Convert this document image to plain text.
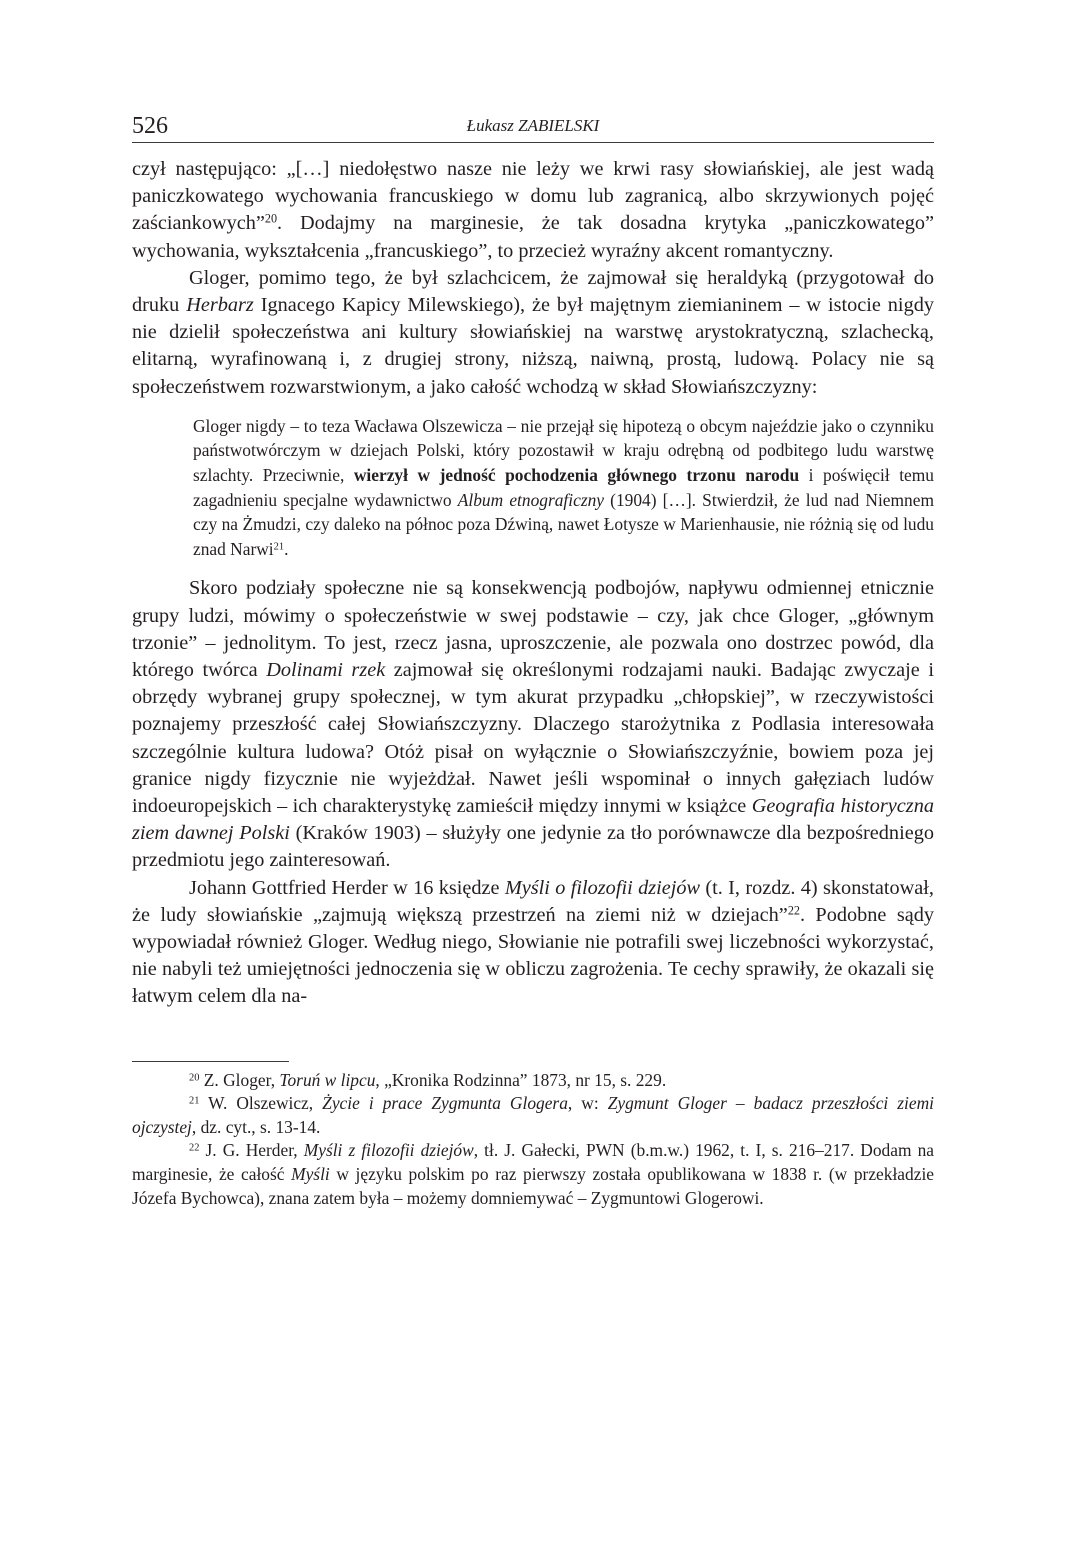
526	Łukasz ZABIELSKI

czył następująco: „[…] niedołęstwo nasze nie leży we krwi rasy słowiańskiej, ale jest wadą paniczkowatego wychowania francuskiego w domu lub zagranicą, albo skrzywionych pojęć zaściankowych”$^{20}$. Dodajmy na marginesie, że tak dosadna krytyka „paniczkowatego” wychowania, wykształcenia „francuskiego”, to przecież wyraźny akcent romantyczny.

Gloger, pomimo tego, że był szlachcicem, że zajmował się heraldyką (przygotował do druku Herbarz Ignacego Kapicy Milewskiego), że był majętnym ziemianinem – w istocie nigdy nie dzielił społeczeństwa ani kultury słowiańskiej na warstwę arystokratyczną, szlachecką, elitarną, wyrafinowaną i, z drugiej strony, niższą, naiwną, prostą, ludową. Polacy nie są społeczeństwem rozwarstwionym, a jako całość wchodzą w skład Słowiańszczyzny:

Gloger nigdy – to teza Wacława Olszewicza – nie przejął się hipotezą o obcym najeździe jako o czynniku państwotwórczym w dziejach Polski, który pozostawił w kraju odrębną od podbitego ludu warstwę szlachty. Przeciwnie, wierzył w jedność pochodzenia głównego trzonu narodu i poświęcił temu zagadnieniu specjalne wydawnictwo Album etnograficzny (1904) […]. Stwierdził, że lud nad Niemnem czy na Żmudzi, czy daleko na północ poza Dźwiną, nawet Łotysze w Marienhausie, nie różnią się od ludu znad Narwi$^{21}$.

Skoro podziały społeczne nie są konsekwencją podbojów, napływu odmiennej etnicznie grupy ludzi, mówimy o społeczeństwie w swej podstawie – czy, jak chce Gloger, „głównym trzonie” – jednolitym. To jest, rzecz jasna, uproszczenie, ale pozwala ono dostrzec powód, dla którego twórca Dolinami rzek zajmował się określonymi rodzajami nauki. Badając zwyczaje i obrzędy wybranej grupy społecznej, w tym akurat przypadku „chłopskiej”, w rzeczywistości poznajemy przeszłość całej Słowiańszczyzny. Dlaczego starożytnika z Podlasia interesowała szczególnie kultura ludowa? Otóż pisał on wyłącznie o Słowiańszczyźnie, bowiem poza jej granice nigdy fizycznie nie wyjeżdżał. Nawet jeśli wspominał o innych gałęziach ludów indoeuropejskich – ich charakterystykę zamieścił między innymi w książce Geografia historyczna ziem dawnej Polski (Kraków 1903) – służyły one jedynie za tło porównawcze dla bezpośredniego przedmiotu jego zainteresowań.

Johann Gottfried Herder w 16 księdze Myśli o filozofii dziejów (t. I, rozdz. 4) skonstatował, że ludy słowiańskie „zajmują większą przestrzeń na ziemi niż w dziejach”$^{22}$. Podobne sądy wypowiadał również Gloger. Według niego, Słowianie nie potrafili swej liczebności wykorzystać, nie nabyli też umiejętności jednoczenia się w obliczu zagrożenia. Te cechy sprawiły, że okazali się łatwym celem dla na-

$^{20}$ Z. Gloger, Toruń w lipcu, „Kronika Rodzinna” 1873, nr 15, s. 229.

$^{21}$ W. Olszewicz, Życie i prace Zygmunta Glogera, w: Zygmunt Gloger – badacz przeszłości ziemi ojczystej, dz. cyt., s. 13-14.

$^{22}$ J. G. Herder, Myśli z filozofii dziejów, tł. J. Gałecki, PWN (b.m.w.) 1962, t. I, s. 216–217. Dodam na marginesie, że całość Myśli w języku polskim po raz pierwszy została opublikowana w 1838 r. (w przekładzie Józefa Bychowca), znana zatem była – możemy domniemywać – Zygmuntowi Glogerowi.
